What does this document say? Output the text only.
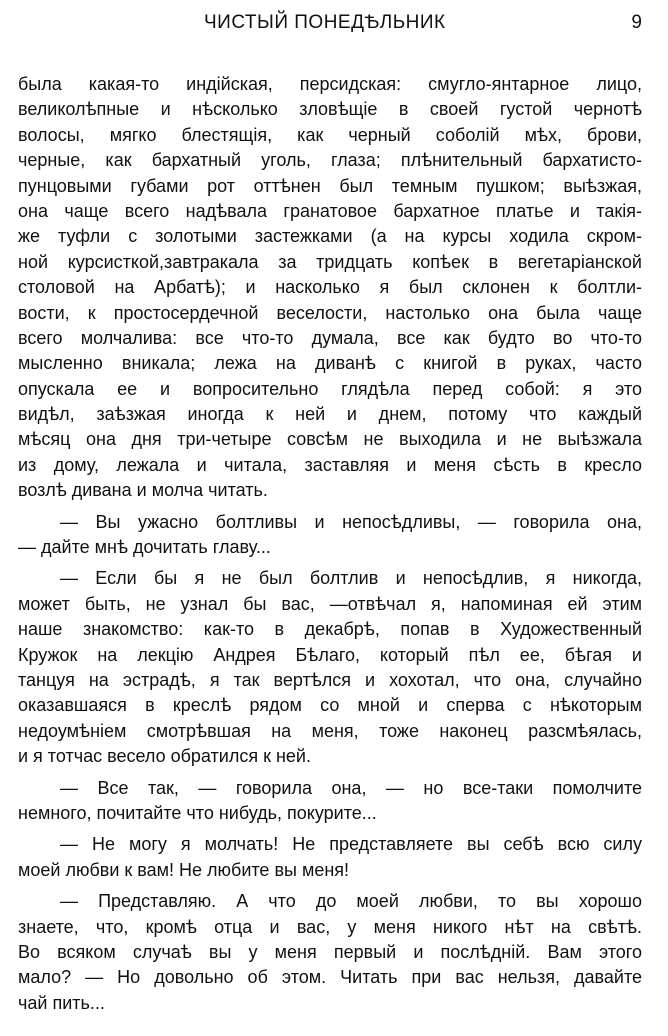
ЧИСТЫЙ ПОНЕДѢЛЬНИК	9
была какая-то индійская, персидская: смугло-янтарное лицо,
великолѣпные и нѣсколько зловѣщіе в своей густой чернотѣ
волосы, мягко блестящія, как черный соболій мѣх, брови,
черные, как бархатный уголь, глаза; плѣнительный бархатисто-
пунцовыми губами рот оттѣнен был темным пушком; выѣзжая,
она чаще всего надѣвала гранатовое бархатное платье и такія-
же туфли с золотыми застежками (а на курсы ходила скром-
ной курсисткой,завтракала за тридцать копѣек в вегетаріанской
столовой на Арбатѣ); и насколько я был склонен к болтли-
вости, к простосердечной веселости, настолько она была чаще
всего молчалива: все что-то думала, все как будто во что-то
мысленно вникала; лежа на диванѣ с книгой в руках, часто
опускала ее и вопросительно глядѣла перед собой: я это
видѣл, заѣзжая иногда к ней и днем, потому что каждый
мѣсяц она дня три-четыре совсѣм не выходила и не выѣзжала
из дому, лежала и читала, заставляя и меня сѣсть в кресло
возлѣ дивана и молча читать.
— Вы ужасно болтливы и непосѣдливы, — говорила она,
— дайте мнѣ дочитать главу...
— Если бы я не был болтлив и непосѣдлив, я никогда,
может быть, не узнал бы вас, —отвѣчал я, напоминая ей этим
наше знакомство: как-то в декабрѣ, попав в Художественный
Кружок на лекцію Андрея Бѣлаго, который пѣл ее, бѣгая и
танцуя на эстрадѣ, я так вертѣлся и хохотал, что она, случайно
оказавшаяся в креслѣ рядом со мной и сперва с нѣкоторым
недоумѣніем смотрѣвшая на меня, тоже наконец разсмѣялась,
и я тотчас весело обратился к ней.
— Все так, — говорила она, — но все-таки помолчите
немного, почитайте что нибудь, покурите...
— Не могу я молчать! Не представляете вы себѣ всю силу
моей любви к вам! Не любите вы меня!
— Представляю. А что до моей любви, то вы хорошо
знаете, что, кромѣ отца и вас, у меня никого нѣт на свѣтѣ.
Во всяком случаѣ вы у меня первый и послѣдній. Вам этого
мало? — Но довольно об этом. Читать при вас нельзя, давайте
чай пить...
